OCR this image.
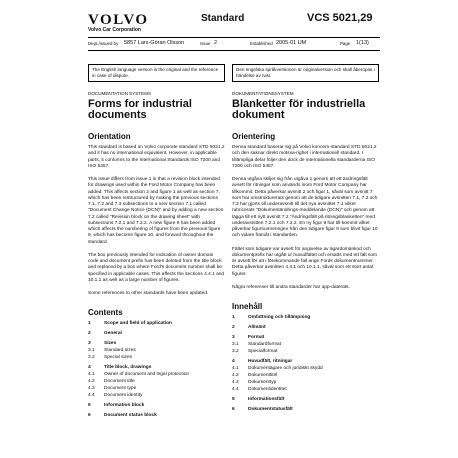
VOLVO
Volvo Car Corporation
Standard	VCS 5021,29
Dept./issued by 5857 Lars-Göran Olsson	Issue 2	Established 2005-01 UM	Page 1(13)
The English language version is the original and the reference in case of dispute.
Den engelska språkversionen är originalversion och skall åberopas i händelse av tvist.
DOCUMENTATION SYSTEMS
Forms for industrial documents
Orientation
This standard is based on Volvo corporate standard STD 5021,2 and it has no international equivalent. However, in applicable parts, it conforms to the International Standards ISO 7200 and ISO 5457.
This issue differs from issue 1 in that a revision block intended for drawings used within the Ford Motor Company has been added. This affects section 2 and figure 1 as well as section 7, which has been restructured by making the previous sections 7.1, 7.2 and 7.3 subsections to a new section 7.1 called "Document Change Notice (DCN)" and by adding a new section 7.2 called "Revision block on the drawing sheet" with subsections 7.2.1 and 7.2.2. A new figure 9 has been added which affects the numbering of figures from the previous figure 9, which has become figure 10, and forward throughout the standard.
The box previously intended for indication of owner domain code and document prefix has been deleted from the title block and replaced by a box where Ford's document number shall be specified in applicable cases. This affects the sections 4.4.1 and 10.1.1 as well as a large number of figures.
Some references to other standards have been updated.
Contents
1	Scope and field of application
2	General
3	Sizes
3.1	Standard sizes
3.2	Special sizes
4	Title block, drawings
4.1	Owner of document and legal protection
4.2	Document title
4.3	Document type
4.4	Document identity
5	Information block
6	Document status block
DOKUMENTATIONSSYSTEM
Blanketter för industriella dokument
Orientering
Denna standard baserar sig på Volvo koncern-standard STD 5021,2 och den saknar direkt motsva-righet i internationell standard. I tillämpliga delar följer den dock de internationella standarderna ISO 7200 och ISO 5457.
Denna utgåva skiljer sig från utgåva 1 genom att ett ändringsfält avsett för ritningar som används inom Ford Motor Company har tillkommit. Detta påverkar avsnitt 2 och figur 1, såväl som avsnitt 7 som har omstrukturerats genom att de tidigare avsnitten 7.1, 7.2 och 7.3 har gjorts till underavsnitt till det nya avsnittet 7.1 vilket rubricerats "Dokumentändrings-meddelande (DCN)" och genom att lägga till ett nytt avsnitt 7.2 "Ändringsfält på ritningsblanketten" med underavsnitten 7.2.1 och 7.2.2. En ny figur 9 har till-kommit vilket påverkar figurnumreringen från den tidigare figur 9 som blivit figur 10 och vidare framåt i standarden.
Fältet som tidigare var avsett för angivelse av ägardomänkod och dokumentprefix har utgått ur huvudfältet och ersatts med ett fält som är avsett för att i förekommande fall ange Fords dokumentnummer. Detta påverkar avsnitten 4.4.1 och 10.1.1, såväl som ett stort antal figurer.
Några referenser till andra standarder har upp-daterats.
Innehåll
1	Omfattning och tillämpning
2	Allmänt
3	Format
3.1	Standardformat
3.2	Specialformat
4	Huvudfält, ritningar
4.1	Dokumentägare och juridiskt skydd
4.2	Dokumenttitel
4.3	Dokumenttyp
4.4	Dokumentidentitet
5	Informationsfält
6	Dokumentstatusfält
